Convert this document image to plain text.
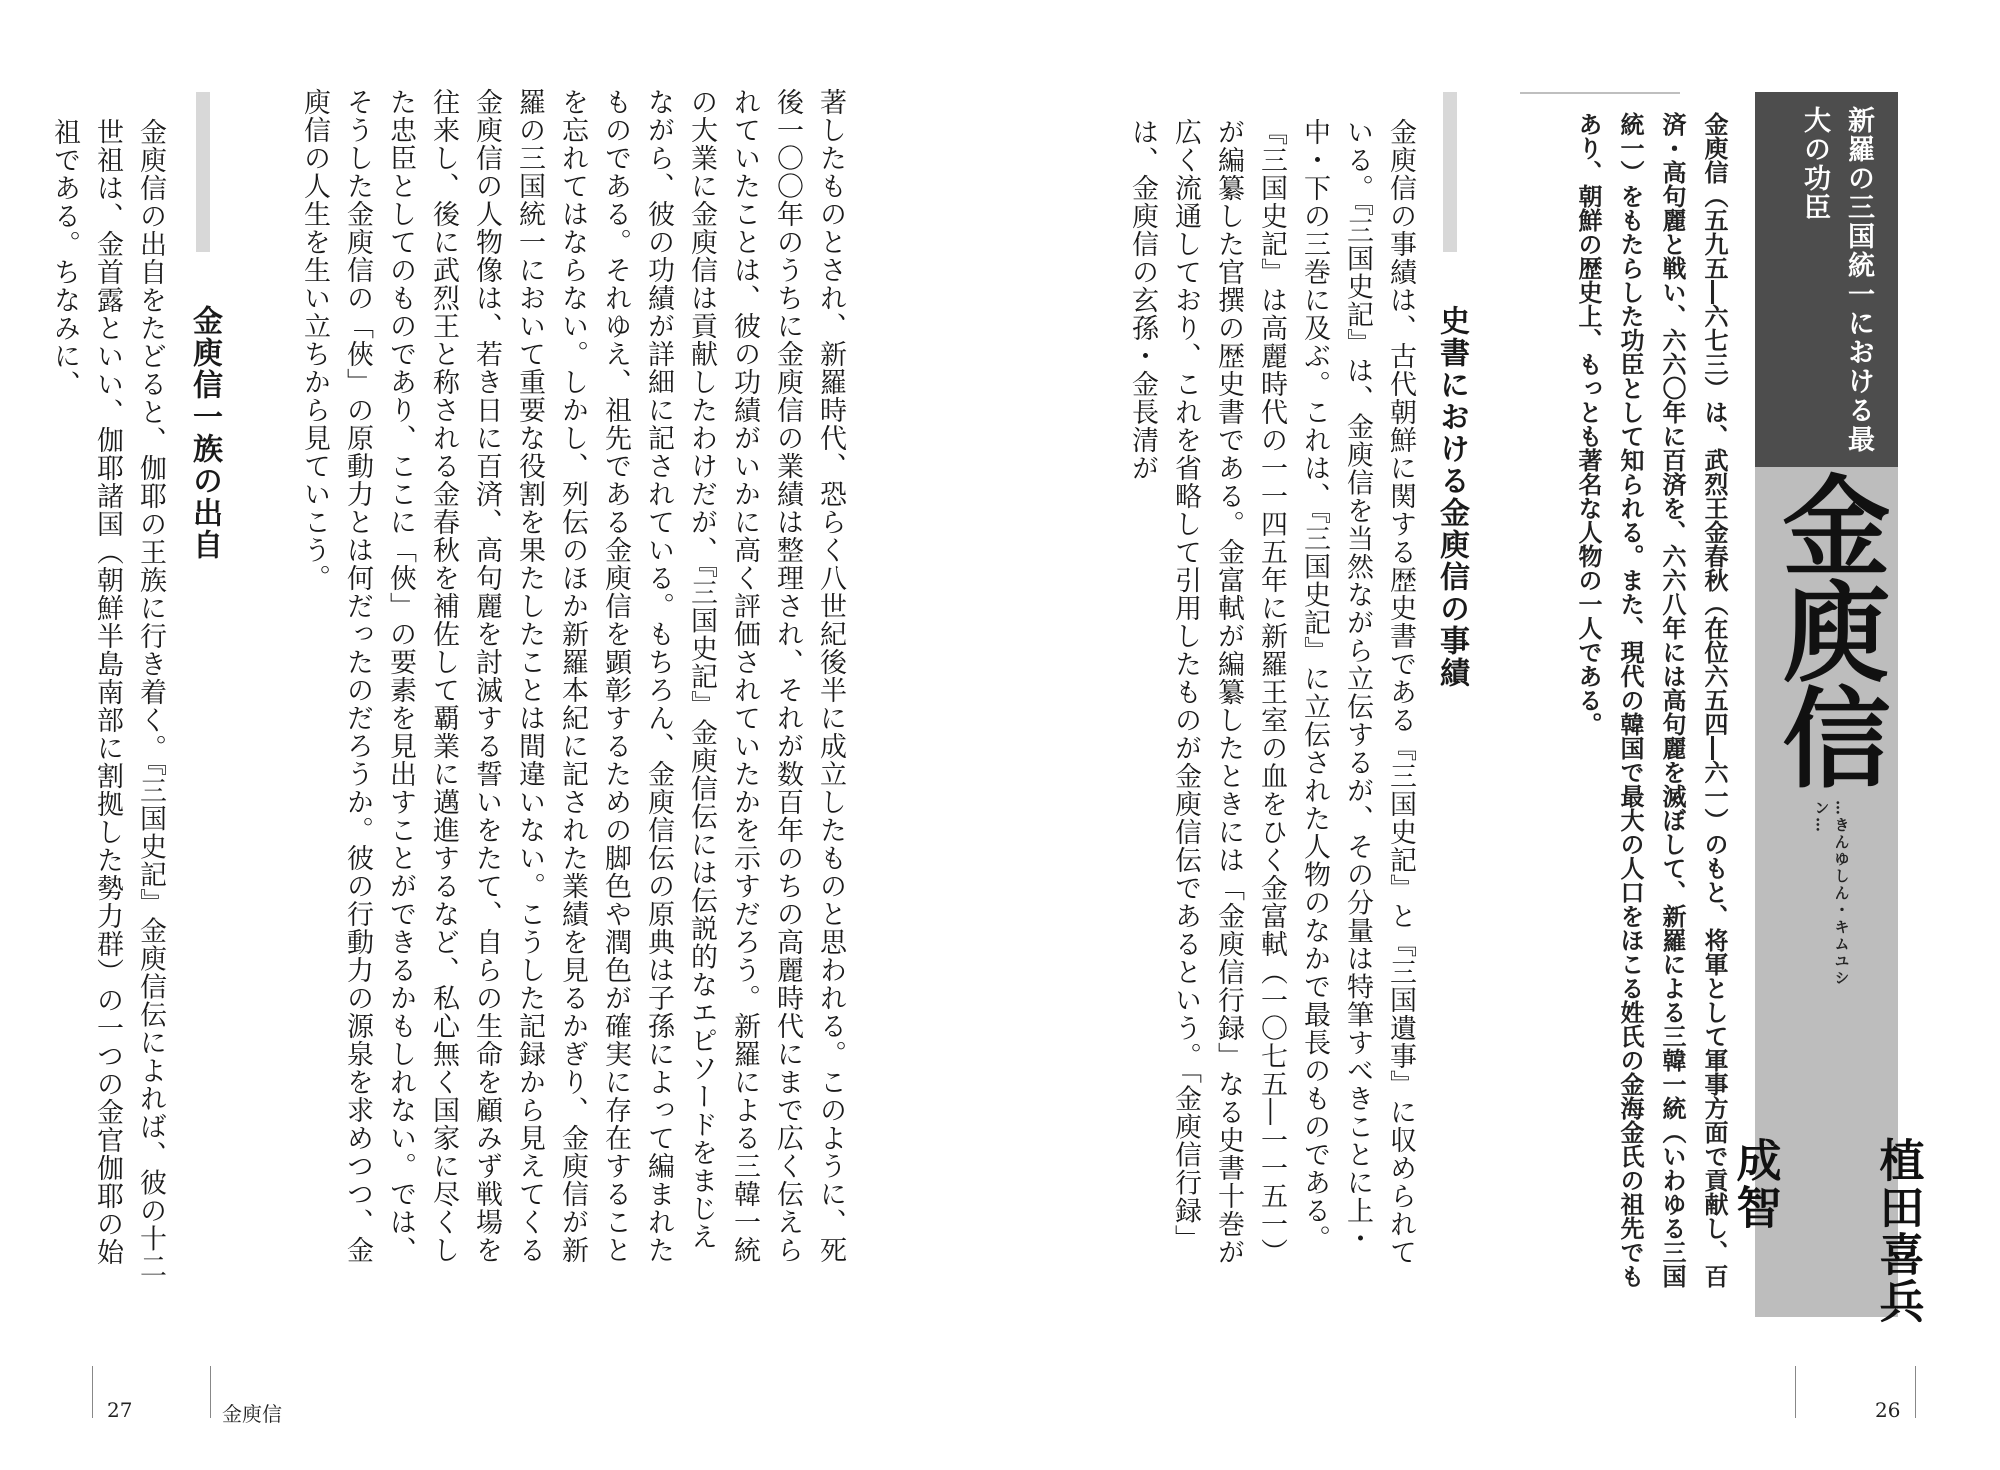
新羅の三国統一における最大の功臣
金庾信
…きんゆしん・キムユシン…
植田喜兵成智
金庾信（五九五―六七三）は、武烈王金春秋（在位六五四―六一）のもと、将軍として軍事方面で貢献し、百済・高句麗と戦い、六六〇年に百済を、六六八年には高句麗を滅ぼして、新羅による三韓一統（いわゆる三国統一）をもたらした功臣として知られる。また、現代の韓国で最大の人口をほこる姓氏の金海金氏の祖先でもあり、朝鮮の歴史上、もっとも著名な人物の一人である。
史書における金庾信の事績
金庾信の事績は、古代朝鮮に関する歴史書である『三国史記』と『三国遺事』に収められている。『三国史記』は、金庾信を当然ながら立伝するが、その分量は特筆すべきことに上・中・下の三巻に及ぶ。これは、『三国史記』に立伝された人物のなかで最長のものである。『三国史記』は高麗時代の一一四五年に新羅王室の血をひく金富軾（一〇七五―一一五一）が編纂した官撰の歴史書である。金富軾が編纂したときには「金庾信行録」なる史書十巻が広く流通しており、これを省略して引用したものが金庾信伝であるという。「金庾信行録」は、金庾信の玄孫・金長清が
著したものとされ、新羅時代、恐らく八世紀後半に成立したものと思われる。このように、死後一〇〇年のうちに金庾信の業績は整理され、それが数百年のちの高麗時代にまで広く伝えられていたことは、彼の功績がいかに高く評価されていたかを示すだろう。新羅による三韓一統の大業に金庾信は貢献したわけだが、『三国史記』金庾信伝には伝説的なエピソードをまじえながら、彼の功績が詳細に記されている。もちろん、金庾信伝の原典は子孫によって編まれたものである。それゆえ、祖先である金庾信を顕彰するための脚色や潤色が確実に存在することを忘れてはならない。しかし、列伝のほか新羅本紀に記された業績を見るかぎり、金庾信が新羅の三国統一において重要な役割を果たしたことは間違いない。こうした記録から見えてくる金庾信の人物像は、若き日に百済、高句麗を討滅する誓いをたて、自らの生命を顧みず戦場を往来し、後に武烈王と称される金春秋を補佐して覇業に邁進するなど、私心無く国家に尽くした忠臣としてのものであり、ここに「俠」の要素を見出すことができるかもしれない。では、そうした金庾信の「俠」の原動力とは何だったのだろうか。彼の行動力の源泉を求めつつ、金庾信の人生を生い立ちから見ていこう。
金庾信一族の出自
金庾信の出自をたどると、伽耶の王族に行き着く。『三国史記』金庾信伝によれば、彼の十二世祖は、金首露といい、伽耶諸国（朝鮮半島南部に割拠した勢力群）の一つの金官伽耶の始祖である。ちなみに、
27	金庾信	26
